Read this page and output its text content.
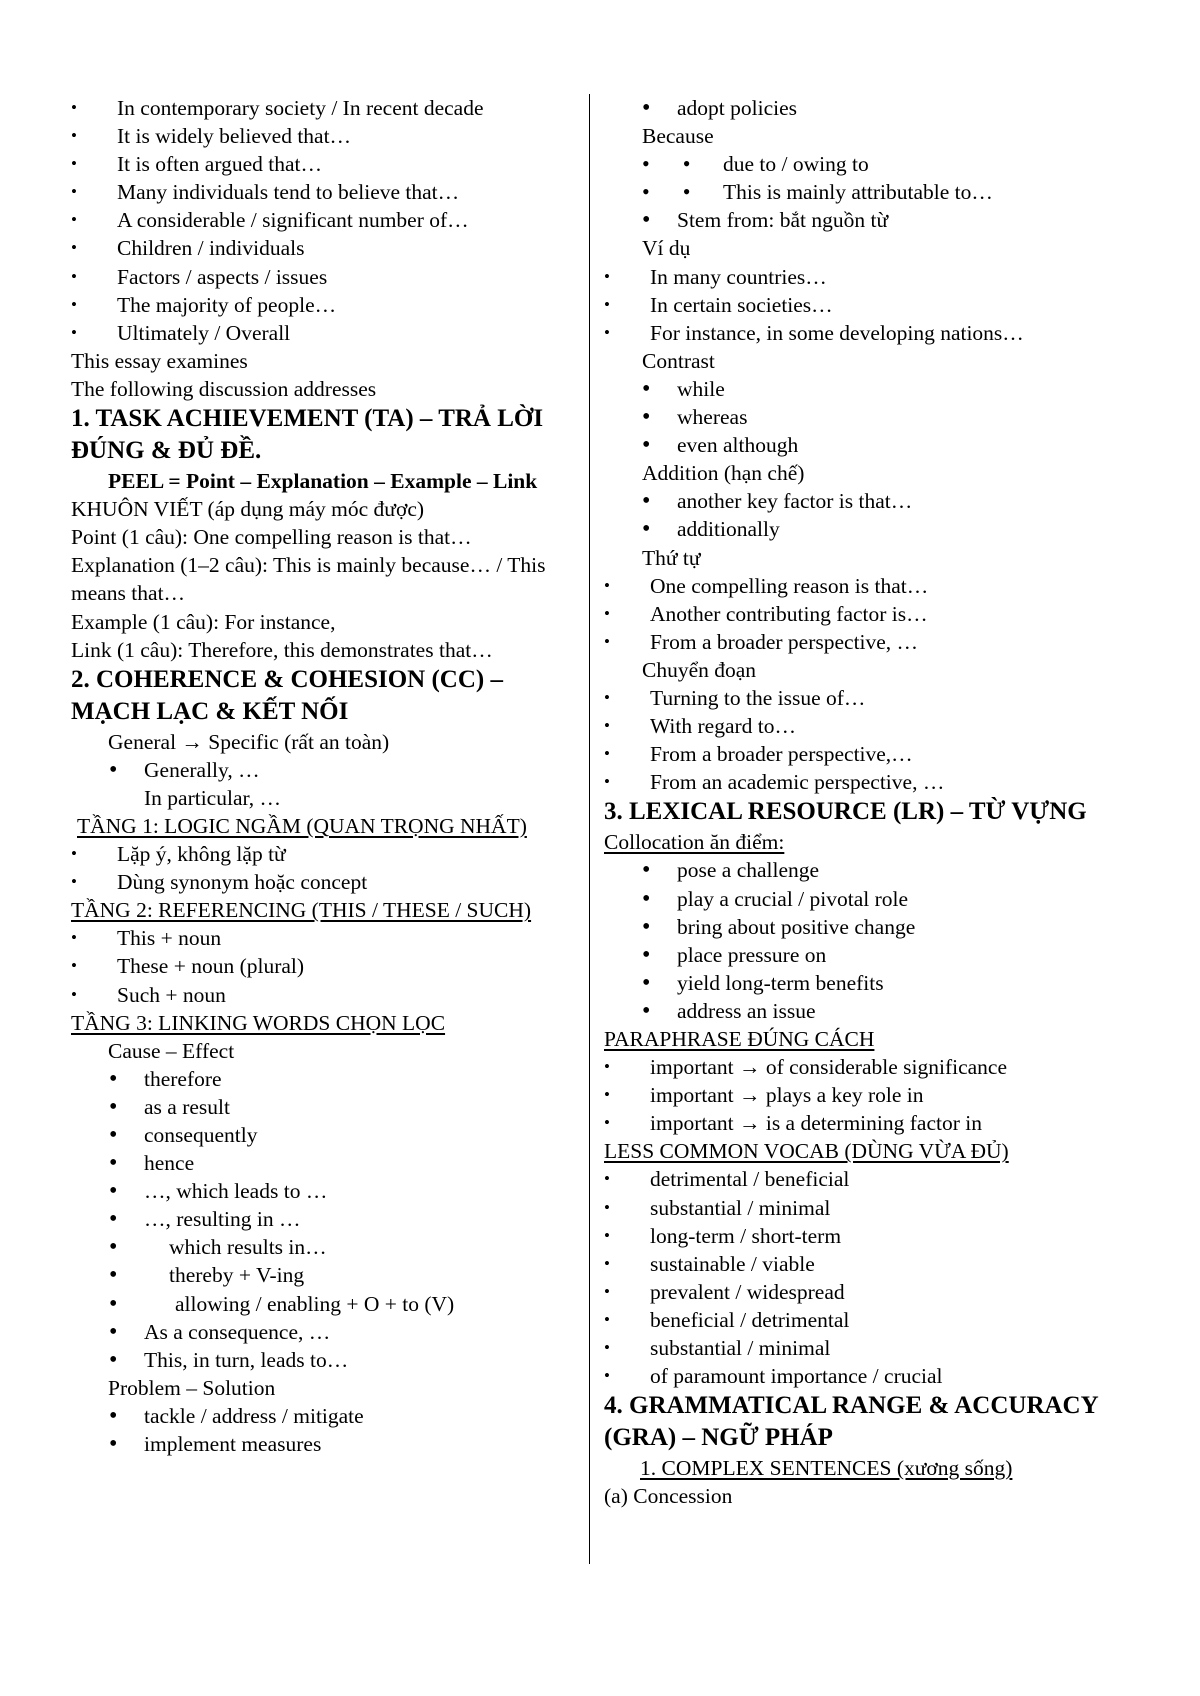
• In contemporary society / In recent decade
• It is widely believed that…
• It is often argued that…
• Many individuals tend to believe that…
• A considerable / significant number of…
• Children / individuals
• Factors / aspects / issues
• The majority of people…
• Ultimately / Overall
This essay examines
The following discussion addresses
1. TASK ACHIEVEMENT (TA) – TRẢ LỜI ĐÚNG & ĐỦ ĐỀ.
PEEL = Point – Explanation – Example – Link
KHUÔN VIẾT (áp dụng máy móc được)
Point (1 câu): One compelling reason is that…
Explanation (1–2 câu): This is mainly because… / This means that…
Example (1 câu): For instance,
Link (1 câu): Therefore, this demonstrates that…
2. COHERENCE & COHESION (CC) – MẠCH LẠC & KẾT NỐI
General → Specific (rất an toàn)
• Generally, …
In particular, …
TẦNG 1: LOGIC NGẦM (QUAN TRỌNG NHẤT)
• Lặp ý, không lặp từ
• Dùng synonym hoặc concept
TẦNG 2: REFERENCING (THIS / THESE / SUCH)
• This + noun
• These + noun (plural)
• Such + noun
TẦNG 3: LINKING WORDS CHỌN LỌC
Cause – Effect
• therefore
• as a result
• consequently
• hence
• …, which leads to …
• …, resulting in …
• which results in…
• thereby + V-ing
• allowing / enabling + O + to (V)
• As a consequence, …
• This, in turn, leads to…
Problem – Solution
• tackle / address / mitigate
• implement measures
• adopt policies
Because
• • due to / owing to
• • This is mainly attributable to…
• Stem from: bắt nguồn từ
Ví dụ
• In many countries…
• In certain societies…
• For instance, in some developing nations…
Contrast
• while
• whereas
• even although
Addition (hạn chế)
• another key factor is that…
• additionally
Thứ tự
• One compelling reason is that…
• Another contributing factor is…
• From a broader perspective, …
Chuyển đoạn
• Turning to the issue of…
• With regard to…
• From a broader perspective,…
• From an academic perspective, …
3. LEXICAL RESOURCE (LR) – TỪ VỰNG
Collocation ăn điểm:
• pose a challenge
• play a crucial / pivotal role
• bring about positive change
• place pressure on
• yield long-term benefits
• address an issue
PARAPHRASE ĐÚNG CÁCH
• important → of considerable significance
• important → plays a key role in
• important → is a determining factor in
LESS COMMON VOCAB (DÙNG VỪA ĐỦ)
• detrimental / beneficial
• substantial / minimal
• long-term / short-term
• sustainable / viable
• prevalent / widespread
• beneficial / detrimental
• substantial / minimal
• of paramount importance / crucial
4. GRAMMATICAL RANGE & ACCURACY (GRA) – NGỮ PHÁP
1. COMPLEX SENTENCES (xương sống)
(a) Concession
